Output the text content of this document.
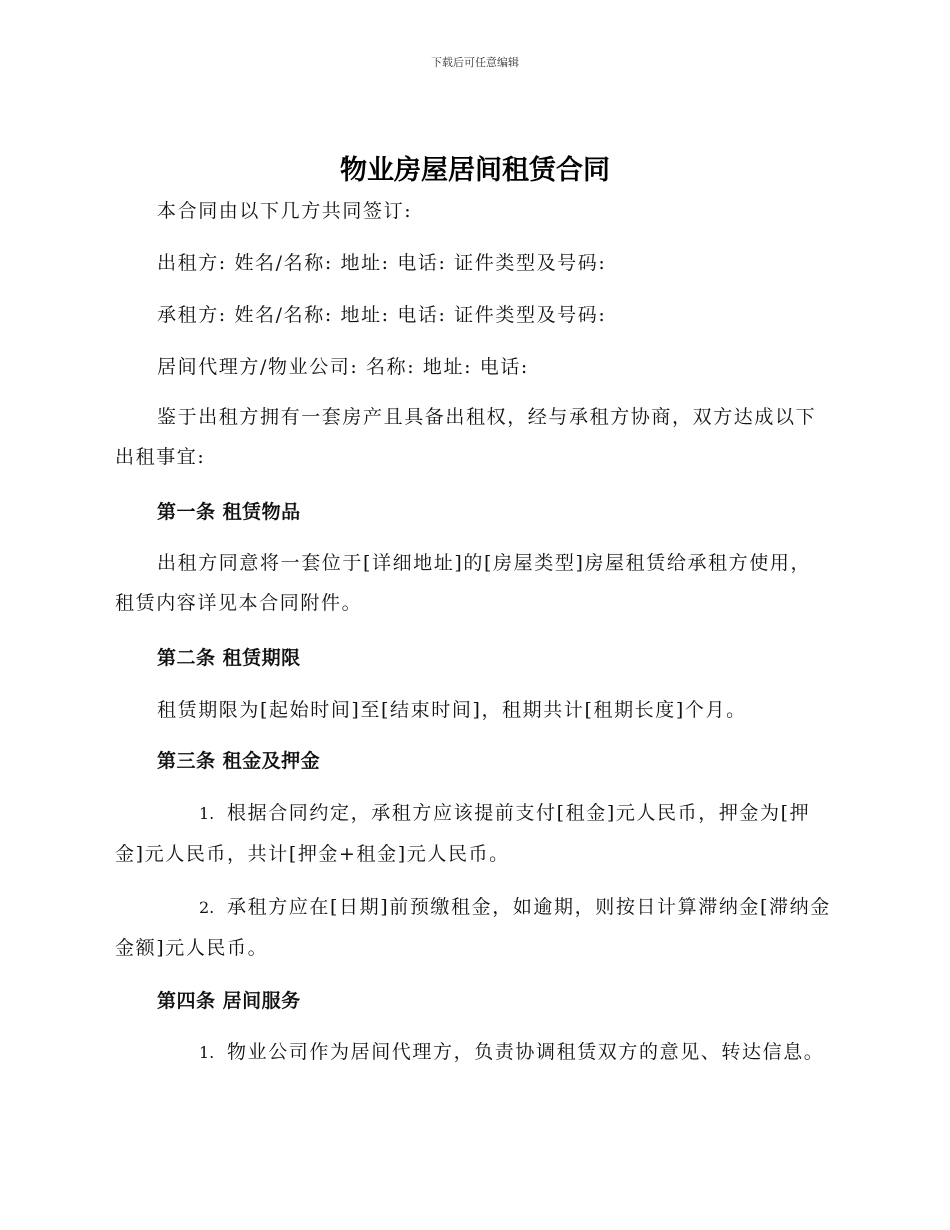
下载后可任意编辑
物业房屋居间租赁合同
本合同由以下几方共同签订:
出租方: 姓名/名称: 地址: 电话: 证件类型及号码:
承租方: 姓名/名称: 地址: 电话: 证件类型及号码:
居间代理方/物业公司: 名称: 地址: 电话:
鉴于出租方拥有一套房产且具备出租权，经与承租方协商，双方达成以下出租事宜:
第一条 租赁物品
出租方同意将一套位于[详细地址]的[房屋类型]房屋租赁给承租方使用，租赁内容详见本合同附件。
第二条 租赁期限
租赁期限为[起始时间]至[结束时间]，租期共计[租期长度]个月。
第三条 租金及押金
1. 根据合同约定，承租方应该提前支付[租金]元人民币，押金为[押金]元人民币，共计[押金+租金]元人民币。
2. 承租方应在[日期]前预缴租金，如逾期，则按日计算滞纳金[滞纳金金额]元人民币。
第四条 居间服务
1. 物业公司作为居间代理方，负责协调租赁双方的意见、转达信息。
